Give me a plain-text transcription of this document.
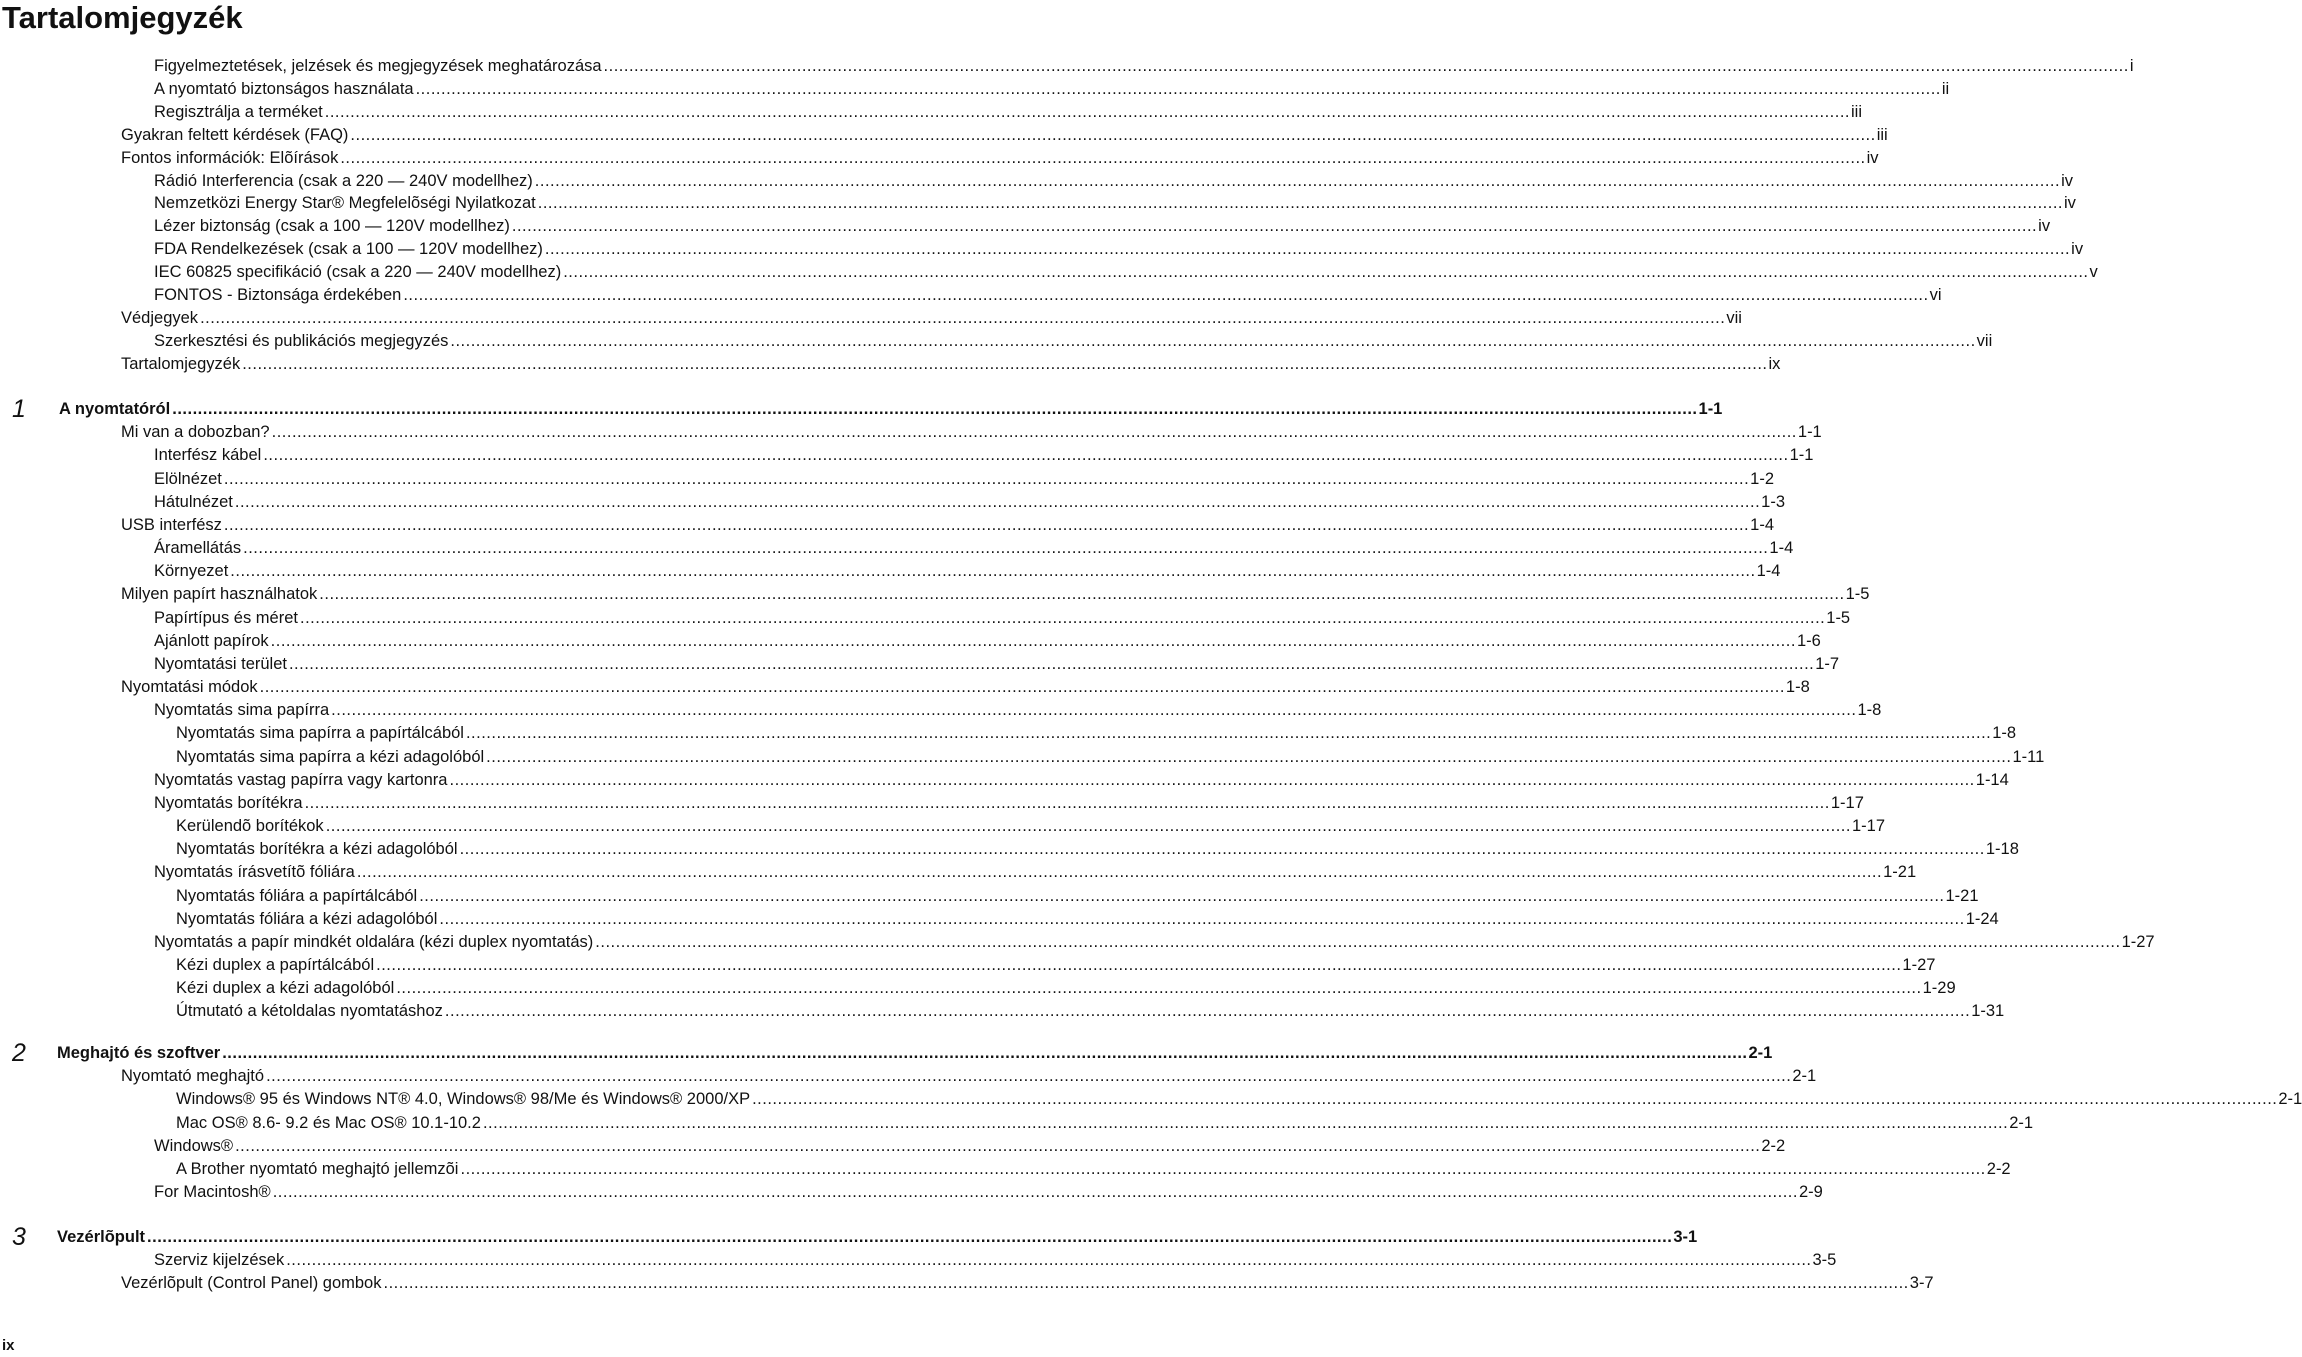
Tartalomjegyzék
Figyelmeztetések, jelzések és megjegyzések meghatározása ............................................................................................................................................................................................................................................................................................................ i
A nyomtató biztonságos használata ............................................................................................................................................................................................................................................................................................................ ii
Regisztrálja a terméket ............................................................................................................................................................................................................................................................................................................ iii
Gyakran feltett kérdések (FAQ) ............................................................................................................................................................................................................................................................................................................ iii
Fontos információk: Elõírások ............................................................................................................................................................................................................................................................................................................ iv
Rádió Interferencia (csak a 220 — 240V modellhez) ............................................................................................................................................................................................................................................................................................................ iv
Nemzetközi Energy Star® Megfelelõségi Nyilatkozat ............................................................................................................................................................................................................................................................................................................ iv
Lézer biztonság (csak a 100 — 120V modellhez) ............................................................................................................................................................................................................................................................................................................ iv
FDA Rendelkezések (csak a 100 — 120V modellhez) ............................................................................................................................................................................................................................................................................................................ iv
IEC 60825 specifikáció (csak a 220 — 240V modellhez) ............................................................................................................................................................................................................................................................................................................ v
FONTOS - Biztonsága érdekében ............................................................................................................................................................................................................................................................................................................ vi
Védjegyek ............................................................................................................................................................................................................................................................................................................ vii
Szerkesztési és publikációs megjegyzés ............................................................................................................................................................................................................................................................................................................ vii
Tartalomjegyzék ............................................................................................................................................................................................................................................................................................................ ix
1 A nyomtatóról ............................................................................................................................................................................................................................................................................................................ 1-1
Mi van a dobozban? ............................................................................................................................................................................................................................................................................................................ 1-1
Interfész kábel ............................................................................................................................................................................................................................................................................................................ 1-1
Elölnézet ............................................................................................................................................................................................................................................................................................................ 1-2
Hátulnézet ............................................................................................................................................................................................................................................................................................................ 1-3
USB interfész ............................................................................................................................................................................................................................................................................................................ 1-4
Áramellátás ............................................................................................................................................................................................................................................................................................................ 1-4
Környezet ............................................................................................................................................................................................................................................................................................................ 1-4
Milyen papírt használhatok ............................................................................................................................................................................................................................................................................................................ 1-5
Papírtípus és méret ............................................................................................................................................................................................................................................................................................................ 1-5
Ajánlott papírok ............................................................................................................................................................................................................................................................................................................ 1-6
Nyomtatási terület ............................................................................................................................................................................................................................................................................................................ 1-7
Nyomtatási módok ............................................................................................................................................................................................................................................................................................................ 1-8
Nyomtatás sima papírra ............................................................................................................................................................................................................................................................................................................ 1-8
Nyomtatás sima papírra a papírtálcából ............................................................................................................................................................................................................................................................................................................ 1-8
Nyomtatás sima papírra a kézi adagolóból ............................................................................................................................................................................................................................................................................................................ 1-11
Nyomtatás vastag papírra vagy kartonra ............................................................................................................................................................................................................................................................................................................ 1-14
Nyomtatás borítékra ............................................................................................................................................................................................................................................................................................................ 1-17
Kerülendõ borítékok ............................................................................................................................................................................................................................................................................................................ 1-17
Nyomtatás borítékra a kézi adagolóból ............................................................................................................................................................................................................................................................................................................ 1-18
Nyomtatás írásvetítõ fóliára ............................................................................................................................................................................................................................................................................................................ 1-21
Nyomtatás fóliára a papírtálcából ............................................................................................................................................................................................................................................................................................................ 1-21
Nyomtatás fóliára a kézi adagolóból ............................................................................................................................................................................................................................................................................................................ 1-24
Nyomtatás a papír mindkét oldalára (kézi duplex nyomtatás) ............................................................................................................................................................................................................................................................................................................ 1-27
Kézi duplex a papírtálcából ............................................................................................................................................................................................................................................................................................................ 1-27
Kézi duplex a kézi adagolóból ............................................................................................................................................................................................................................................................................................................ 1-29
Útmutató a kétoldalas nyomtatáshoz ............................................................................................................................................................................................................................................................................................................ 1-31
2 Meghajtó és szoftver ............................................................................................................................................................................................................................................................................................................ 2-1
Nyomtató meghajtó ............................................................................................................................................................................................................................................................................................................ 2-1
Windows® 95 és Windows NT® 4.0, Windows® 98/Me és Windows® 2000/XP ............................................................................................................................................................................................................................................................................................................ 2-1
Mac OS® 8.6- 9.2 és Mac OS® 10.1-10.2 ............................................................................................................................................................................................................................................................................................................ 2-1
Windows® ............................................................................................................................................................................................................................................................................................................ 2-2
A Brother nyomtató meghajtó jellemzõi ............................................................................................................................................................................................................................................................................................................ 2-2
For Macintosh® ............................................................................................................................................................................................................................................................................................................ 2-9
3 Vezérlõpult ............................................................................................................................................................................................................................................................................................................ 3-1
Szerviz kijelzések ............................................................................................................................................................................................................................................................................................................ 3-5
Vezérlõpult (Control Panel) gombok ............................................................................................................................................................................................................................................................................................................ 3-7
ix
